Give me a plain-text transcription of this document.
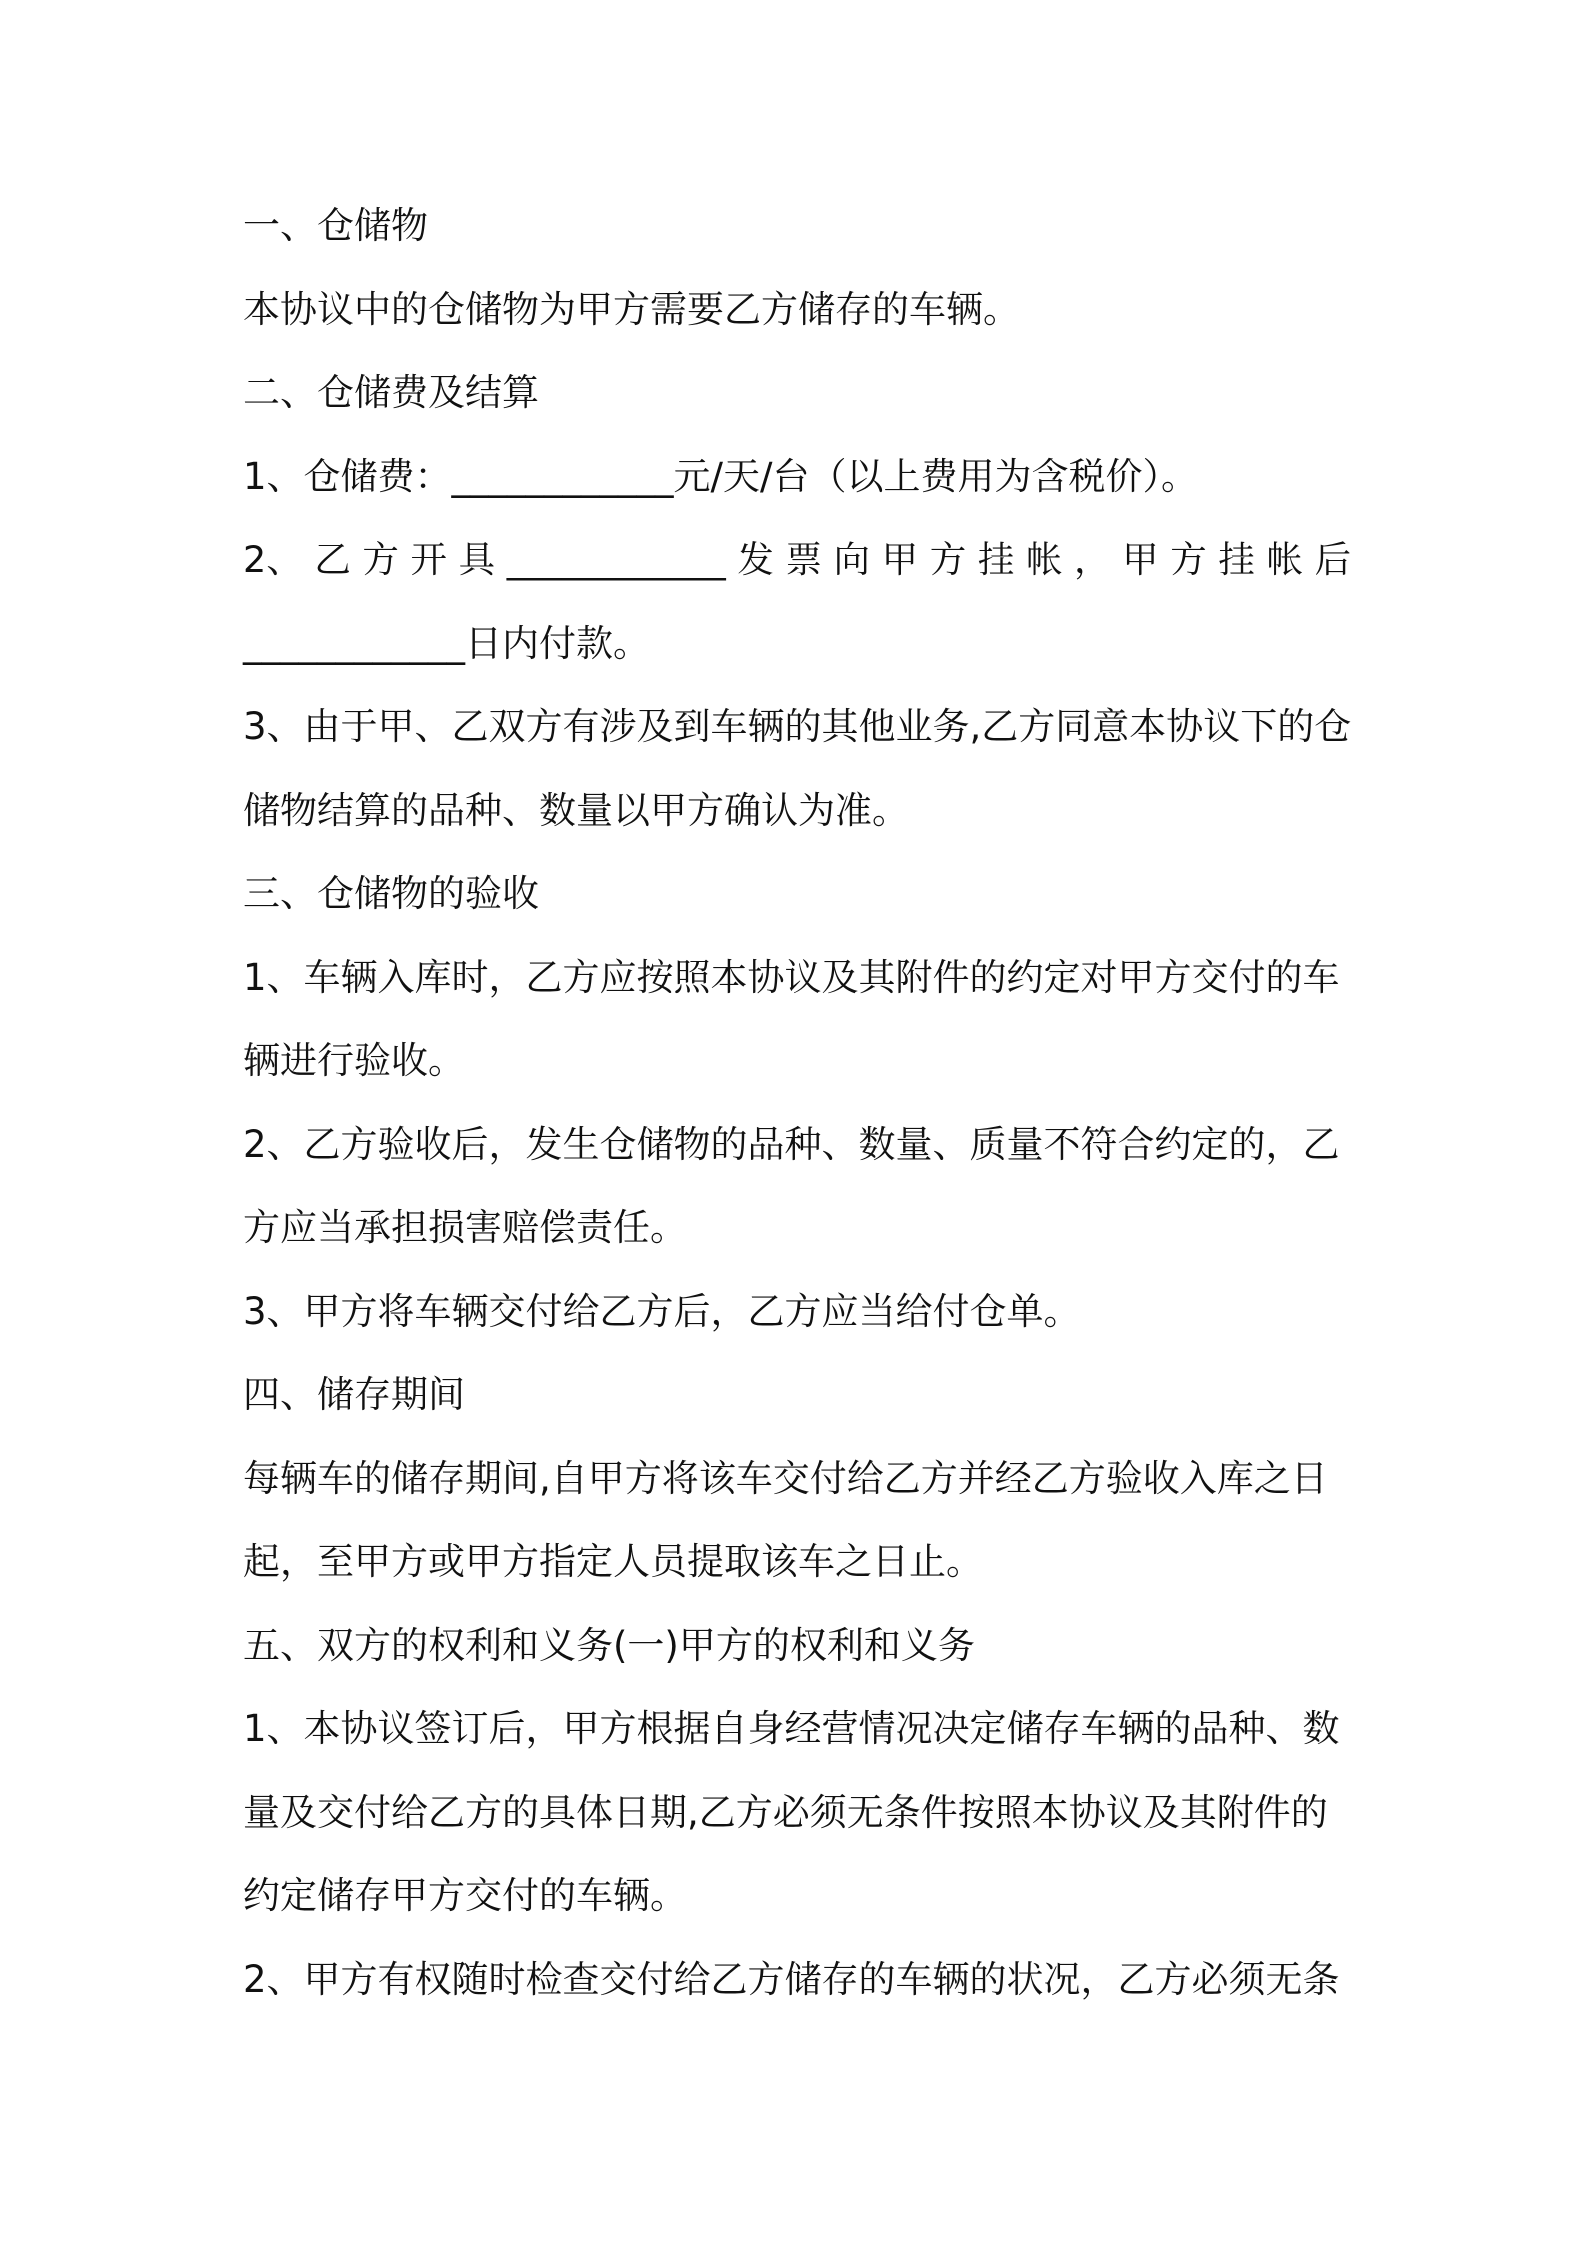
一、仓储物

本协议中的仓储物为甲方需要乙方储存的车辆。

二、仓储费及结算

1、仓储费：____________元/天/台（以上费用为含税价）。

2、 乙 方 开 具 ____________ 发 票 向 甲 方 挂 帐 ， 甲 方 挂 帐 后

____________日内付款。

3、由于甲、乙双方有涉及到车辆的其他业务,乙方同意本协议下的仓

储物结算的品种、数量以甲方确认为准。

三、仓储物的验收

1、车辆入库时，乙方应按照本协议及其附件的约定对甲方交付的车

辆进行验收。

2、乙方验收后，发生仓储物的品种、数量、质量不符合约定的，乙

方应当承担损害赔偿责任。

3、甲方将车辆交付给乙方后，乙方应当给付仓单。

四、储存期间

每辆车的储存期间,自甲方将该车交付给乙方并经乙方验收入库之日

起，至甲方或甲方指定人员提取该车之日止。

五、双方的权利和义务(一)甲方的权利和义务

1、本协议签订后，甲方根据自身经营情况决定储存车辆的品种、数

量及交付给乙方的具体日期,乙方必须无条件按照本协议及其附件的

约定储存甲方交付的车辆。

2、甲方有权随时检查交付给乙方储存的车辆的状况，乙方必须无条
